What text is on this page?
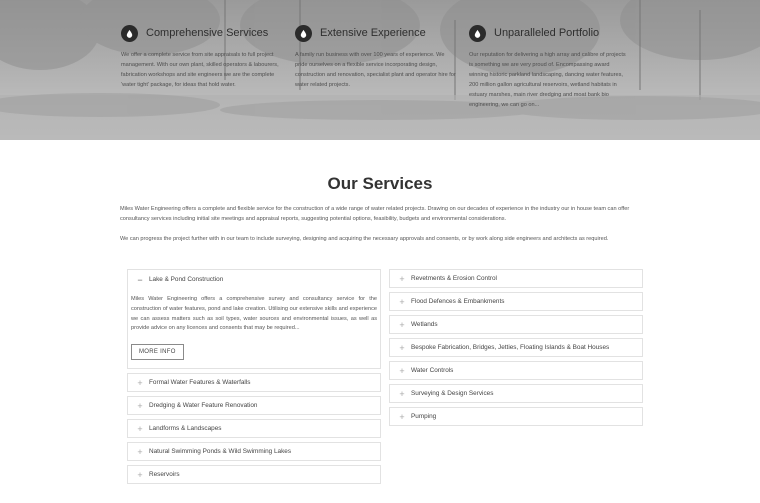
Comprehensive Services
We offer a complete service from site appraisals to full project management. With our own plant, skilled operators & labourers, fabrication workshops and site engineers we are the complete 'water tight' package, for ideas that hold water.
Extensive Experience
A family run business with over 100 years of experience. We pride ourselves on a flexible service incorporating design, construction and renovation, specialist plant and operator hire for water related projects.
Unparalleled Portfolio
Our reputation for delivering a high array and calibre of projects is something we are very proud of. Encompassing award winning historic parkland landscaping, dancing water features, 200 million gallon agricultural reservoirs, wetland habitats in estuary marshes, main river dredging and moat bank bio engineering, we can go on...
Our Services
Miles Water Engineering offers a complete and flexible service for the construction of a wide range of water related projects. Drawing on our decades of experience in the industry our in house team can offer consultancy services including initial site meetings and appraisal reports, suggesting potential options, feasibility, budgets and environmental considerations.
We can progress the project further with in our team to include surveying, designing and acquiring the necessary approvals and consents, or by work along side engineers and architects as required.
− Lake & Pond Construction

Miles Water Engineering offers a comprehensive survey and consultancy service for the construction of water features, pond and lake creation. Utilising our extensive skills and experience we can assess matters such as soil types, water sources and environmental issues, as well as provide advice on any licences and consents that may be required...

MORE INFO
+ Formal Water Features & Waterfalls
+ Dredging & Water Feature Renovation
+ Landforms & Landscapes
+ Natural Swimming Ponds & Wild Swimming Lakes
+ Reservoirs
+ Revetments & Erosion Control
+ Flood Defences & Embankments
+ Wetlands
+ Bespoke Fabrication, Bridges, Jetties, Floating Islands & Boat Houses
+ Water Controls
+ Surveying & Design Services
+ Pumping
